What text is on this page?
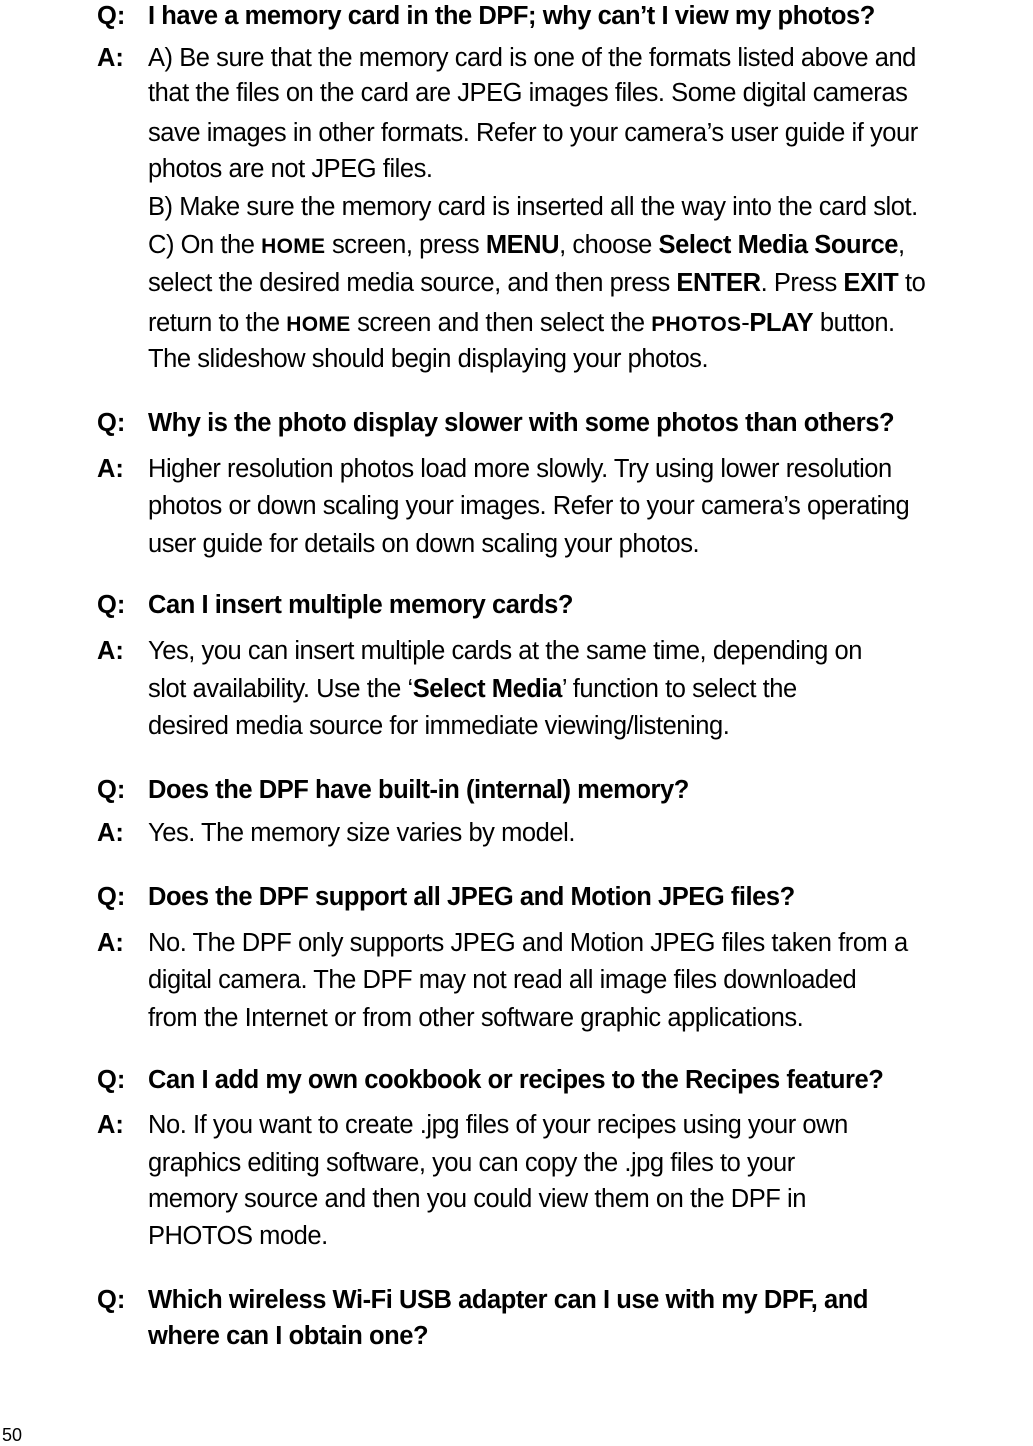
Q: I have a memory card in the DPF; why can’t I view my photos?
A: A) Be sure that the memory card is one of the formats listed above and
that the files on the card are JPEG images files. Some digital cameras
save images in other formats. Refer to your camera’s user guide if your
photos are not JPEG files.
B) Make sure the memory card is inserted all the way into the card slot.
C) On the HOME screen, press MENU, choose Select Media Source,
select the desired media source, and then press ENTER. Press EXIT to
return to the HOME screen and then select the PHOTOS-PLAY button.
The slideshow should begin displaying your photos.
Q: Why is the photo display slower with some photos than others?
A: Higher resolution photos load more slowly. Try using lower resolution
photos or down scaling your images. Refer to your camera’s operating
user guide for details on down scaling your photos.
Q: Can I insert multiple memory cards?
A: Yes, you can insert multiple cards at the same time, depending on
slot availability. Use the ‘Select Media’ function to select the
desired media source for immediate viewing/listening.
Q: Does the DPF have built-in (internal) memory?
A: Yes. The memory size varies by model.
Q: Does the DPF support all JPEG and Motion JPEG files?
A: No. The DPF only supports JPEG and Motion JPEG files taken from a
digital camera. The DPF may not read all image files downloaded
from the Internet or from other software graphic applications.
Q: Can I add my own cookbook or recipes to the Recipes feature?
A: No. If you want to create .jpg files of your recipes using your own
graphics editing software, you can copy the .jpg files to your
memory source and then you could view them on the DPF in
PHOTOS mode.
Q: Which wireless Wi-Fi USB adapter can I use with my DPF, and
where can I obtain one?
50
